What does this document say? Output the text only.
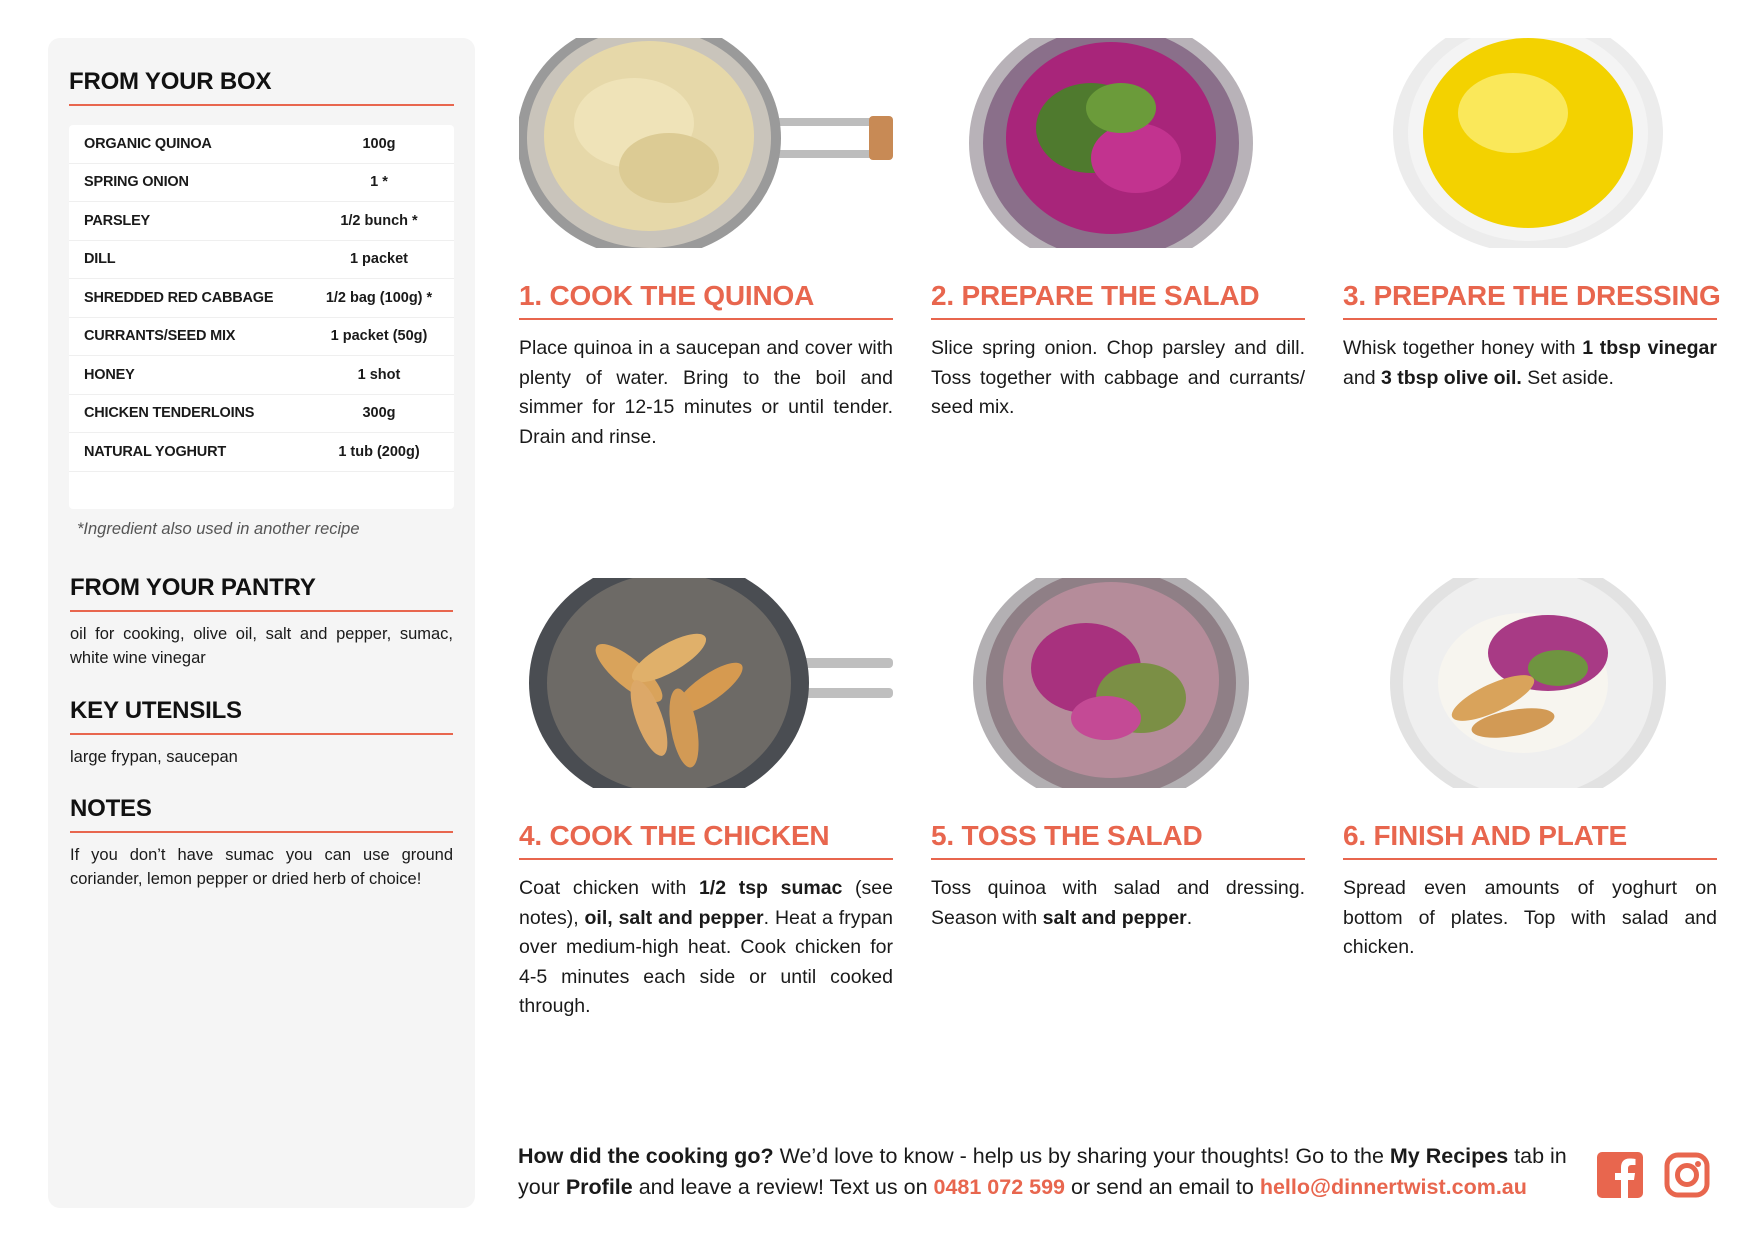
FROM YOUR BOX
ORGANIC QUINOA	100g
SPRING ONION	1 *
PARSLEY	1/2 bunch *
DILL	1 packet
SHREDDED RED CABBAGE	1/2 bag (100g) *
CURRANTS/SEED MIX	1 packet (50g)
HONEY	1 shot
CHICKEN TENDERLOINS	300g
NATURAL YOGHURT	1 tub (200g)
*Ingredient also used in another recipe
FROM YOUR PANTRY

oil for cooking, olive oil, salt and pepper, sumac, white wine vinegar

KEY UTENSILS

large frypan, saucepan

NOTES

If you don’t have sumac you can use ground coriander, lemon pepper or dried herb of choice!

1. COOK THE QUINOA
Place quinoa in a saucepan and cover with plenty of water. Bring to the boil and simmer for 12-15 minutes or until tender. Drain and rinse.
2. PREPARE THE SALAD
Slice spring onion. Chop parsley and dill. Toss together with cabbage and currants/ seed mix.
3. PREPARE THE DRESSING
Whisk together honey with 1 tbsp vinegar and 3 tbsp olive oil. Set aside.
4. COOK THE CHICKEN
Coat chicken with 1/2 tsp sumac (see notes), oil, salt and pepper. Heat a frypan over medium-high heat. Cook chicken for 4-5 minutes each side or until cooked through.
5. TOSS THE SALAD
Toss quinoa with salad and dressing. Season with salt and pepper.
6. FINISH AND PLATE
Spread even amounts of yoghurt on bottom of plates. Top with salad and chicken.
How did the cooking go? We’d love to know - help us by sharing your thoughts! Go to the My Recipes tab in your Profile and leave a review! Text us on 0481 072 599 or send an email to hello@dinnertwist.com.au
